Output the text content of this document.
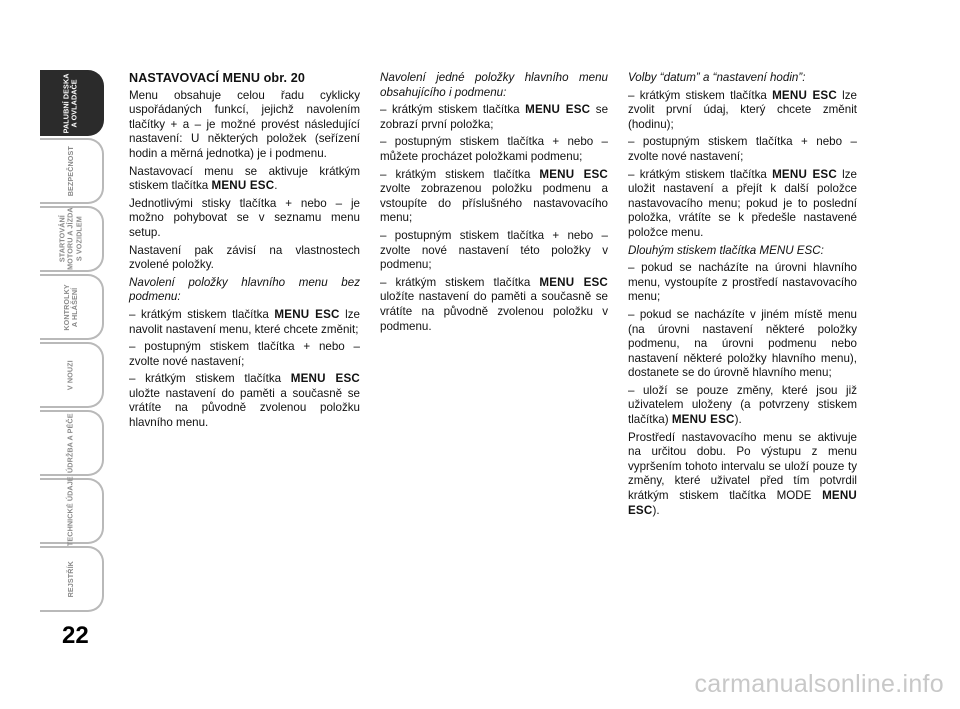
PALUBNÍ DESKA A OVLADAČE
BEZPEČNOST
STARTOVÁNÍ MOTORU A JÍZDA S VOZIDLEM
KONTROLKY A HLÁŠENÍ
V NOUZI
ÚDRŽBA A PÉČE
TECHNICKÉ ÚDAJE
REJSTŘÍK
22

NASTAVOVACÍ MENU obr. 20

Menu obsahuje celou řadu cyklicky uspořádaných funkcí, jejichž navolením tlačítky + a – je možné provést následující nastavení: U některých položek (seřízení hodin a měrná jednotka) je i podmenu.

Nastavovací menu se aktivuje krátkým stiskem tlačítka MENU ESC.

Jednotlivými stisky tlačítka + nebo – je možno pohybovat se v seznamu menu setup.

Nastavení pak závisí na vlastnostech zvolené položky.

Navolení položky hlavního menu bez podmenu:

– krátkým stiskem tlačítka MENU ESC lze navolit nastavení menu, které chcete změnit;

– postupným stiskem tlačítka + nebo – zvolte nové nastavení;

– krátkým stiskem tlačítka MENU ESC uložte nastavení do paměti a současně se vrátíte na původně zvolenou položku hlavního menu.

Navolení jedné položky hlavního menu obsahujícího i podmenu:

– krátkým stiskem tlačítka MENU ESC se zobrazí první položka;

– postupným stiskem tlačítka + nebo – můžete procházet položkami podmenu;

– krátkým stiskem tlačítka MENU ESC zvolte zobrazenou položku podmenu a vstoupíte do příslušného nastavovacího menu;

– postupným stiskem tlačítka + nebo – zvolte nové nastavení této položky v podmenu;

– krátkým stiskem tlačítka MENU ESC uložíte nastavení do paměti a současně se vrátíte na původně zvolenou položku v podmenu.

Volby “datum” a “nastavení hodin”:

– krátkým stiskem tlačítka MENU ESC lze zvolit první údaj, který chcete změnit (hodinu);

– postupným stiskem tlačítka + nebo – zvolte nové nastavení;

– krátkým stiskem tlačítka MENU ESC lze uložit nastavení a přejít k další položce nastavovacího menu; pokud je to poslední položka, vrátíte se k předešle nastavené položce menu.

Dlouhým stiskem tlačítka MENU ESC:

– pokud se nacházíte na úrovni hlavního menu, vystoupíte z prostředí nastavovacího menu;

– pokud se nacházíte v jiném místě menu (na úrovni nastavení některé položky podmenu, na úrovni podmenu nebo nastavení některé položky hlavního menu), dostanete se do úrovně hlavního menu;

– uloží se pouze změny, které jsou již uživatelem uloženy (a potvrzeny stiskem tlačítka) MENU ESC).

Prostředí nastavovacího menu se aktivuje na určitou dobu. Po výstupu z menu vypršením tohoto intervalu se uloží pouze ty změny, které uživatel před tím potvrdil krátkým stiskem tlačítka MODE MENU ESC).

carmanualsonline.info
